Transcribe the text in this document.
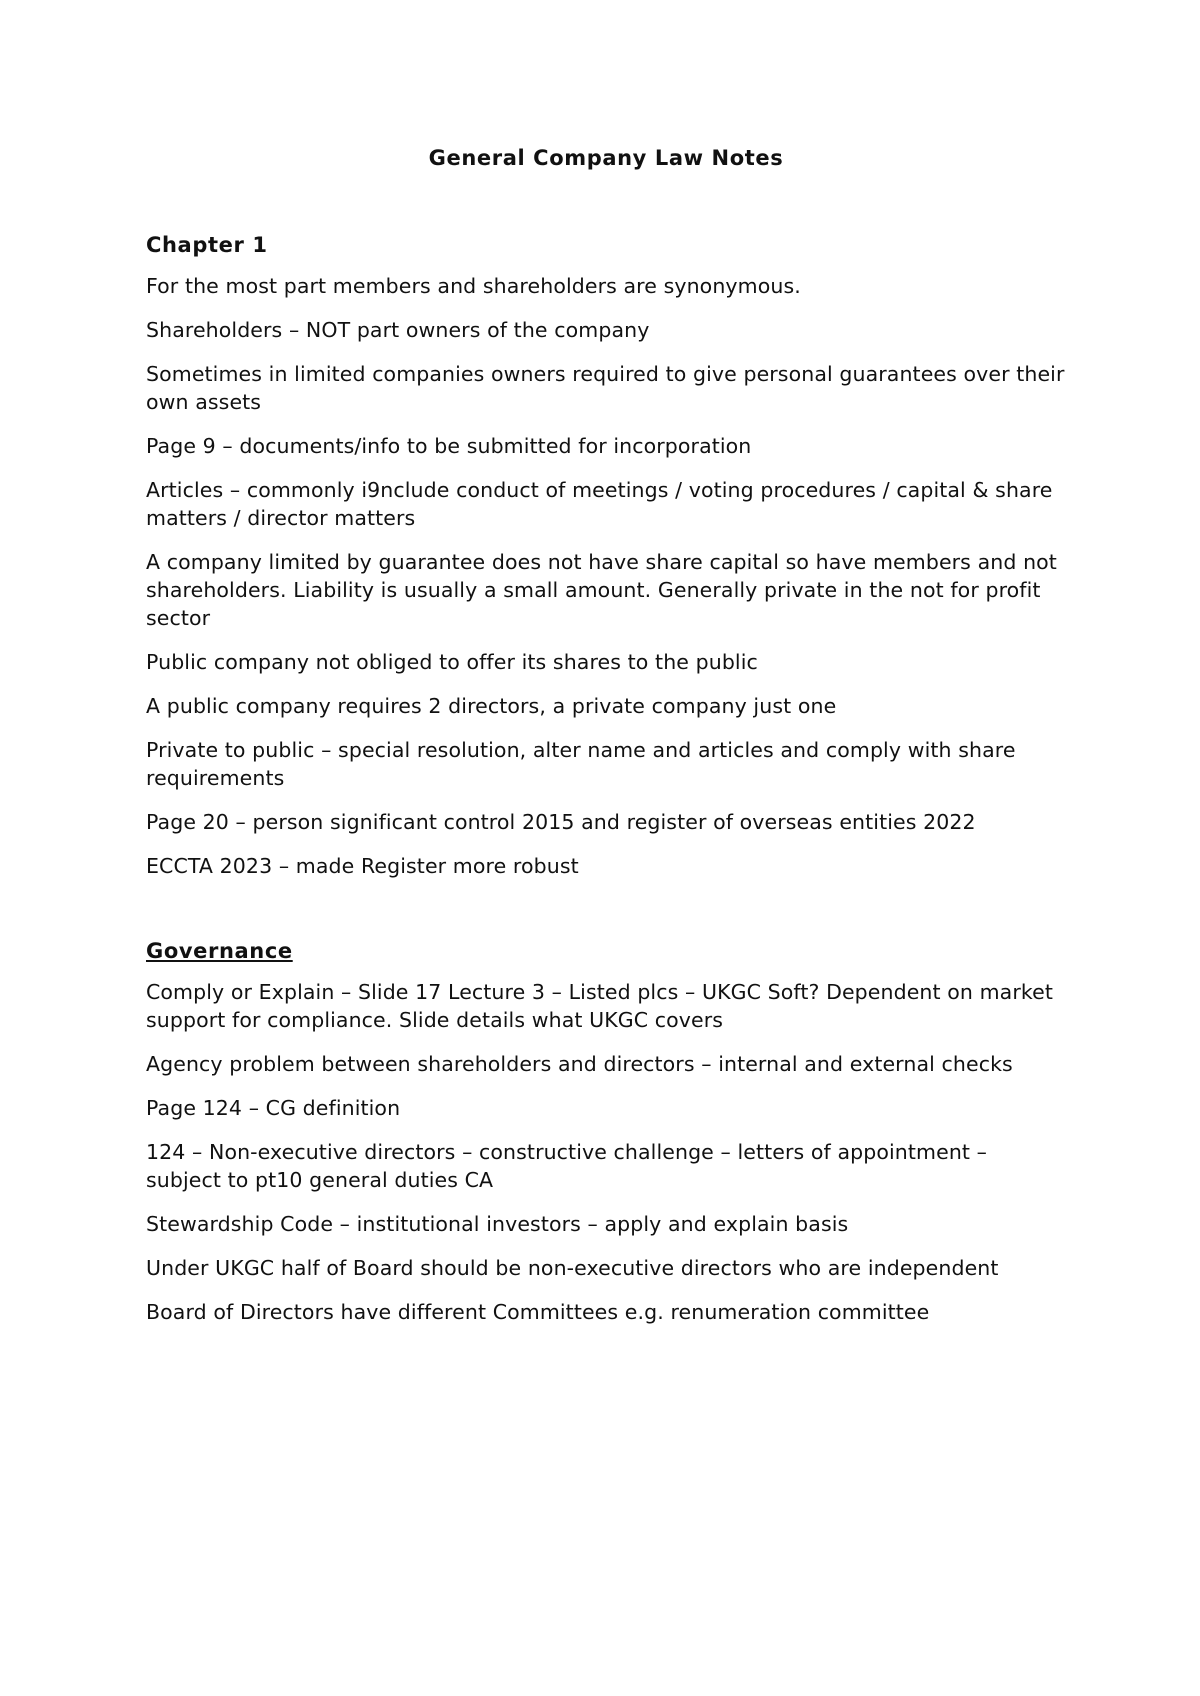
General Company Law Notes
Chapter 1
For the most part members and shareholders are synonymous.
Shareholders – NOT part owners of the company
Sometimes in limited companies owners required to give personal guarantees over their own assets
Page 9 – documents/info to be submitted for incorporation
Articles – commonly i9nclude conduct of meetings / voting procedures / capital & share matters / director matters
A company limited by guarantee does not have share capital so have members and not shareholders. Liability is usually a small amount. Generally private in the not for profit sector
Public company not obliged to offer its shares to the public
A public company requires 2 directors, a private company just one
Private to public – special resolution, alter name and articles and comply with share requirements
Page 20 – person significant control 2015 and register of overseas entities 2022
ECCTA 2023 – made Register more robust
Governance
Comply or Explain – Slide 17 Lecture 3 – Listed plcs – UKGC Soft? Dependent on market support for compliance. Slide details what UKGC covers
Agency problem between shareholders and directors – internal and external checks
Page 124 – CG definition
124 – Non-executive directors – constructive challenge – letters of appointment – subject to pt10 general duties CA
Stewardship Code – institutional investors – apply and explain basis
Under UKGC half of Board should be non-executive directors who are independent
Board of Directors have different Committees e.g. renumeration committee
